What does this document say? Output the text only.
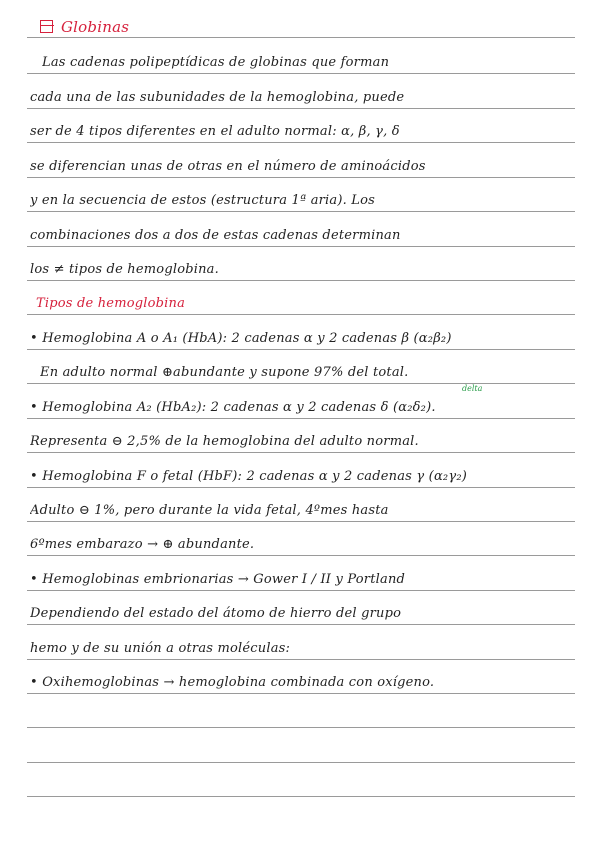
Globinas
Las cadenas polipeptídicas de globinas que forman
cada una de las subunidades de la hemoglobina, puede
ser de 4 tipos diferentes en el adulto normal: α, β, γ, δ
se diferencian unas de otras en el número de aminoácidos
y en la secuencia de estos (estructura 1ª aria). Los
combinaciones dos a dos de estas cadenas determinan
los ≠ tipos de hemoglobina.
Tipos de hemoglobina
• Hemoglobina A o A₁ (HbA): 2 cadenas α y 2 cadenas β (α₂β₂)
En adulto normal ⊕abundante y supone 97% del total.
delta
• Hemoglobina A₂ (HbA₂): 2 cadenas α y 2 cadenas δ (α₂δ₂).
Representa ⊖ 2,5% de la hemoglobina del adulto normal.
• Hemoglobina F o fetal (HbF): 2 cadenas α y 2 cadenas γ (α₂γ₂)
Adulto ⊖ 1%, pero durante la vida fetal, 4ºmes hasta
6ºmes embarazo → ⊕ abundante.
• Hemoglobinas embrionarias → Gower I / II y Portland
Dependiendo del estado del átomo de hierro del grupo
hemo y de su unión a otras moléculas:
• Oxihemoglobinas → hemoglobina combinada con oxígeno.
